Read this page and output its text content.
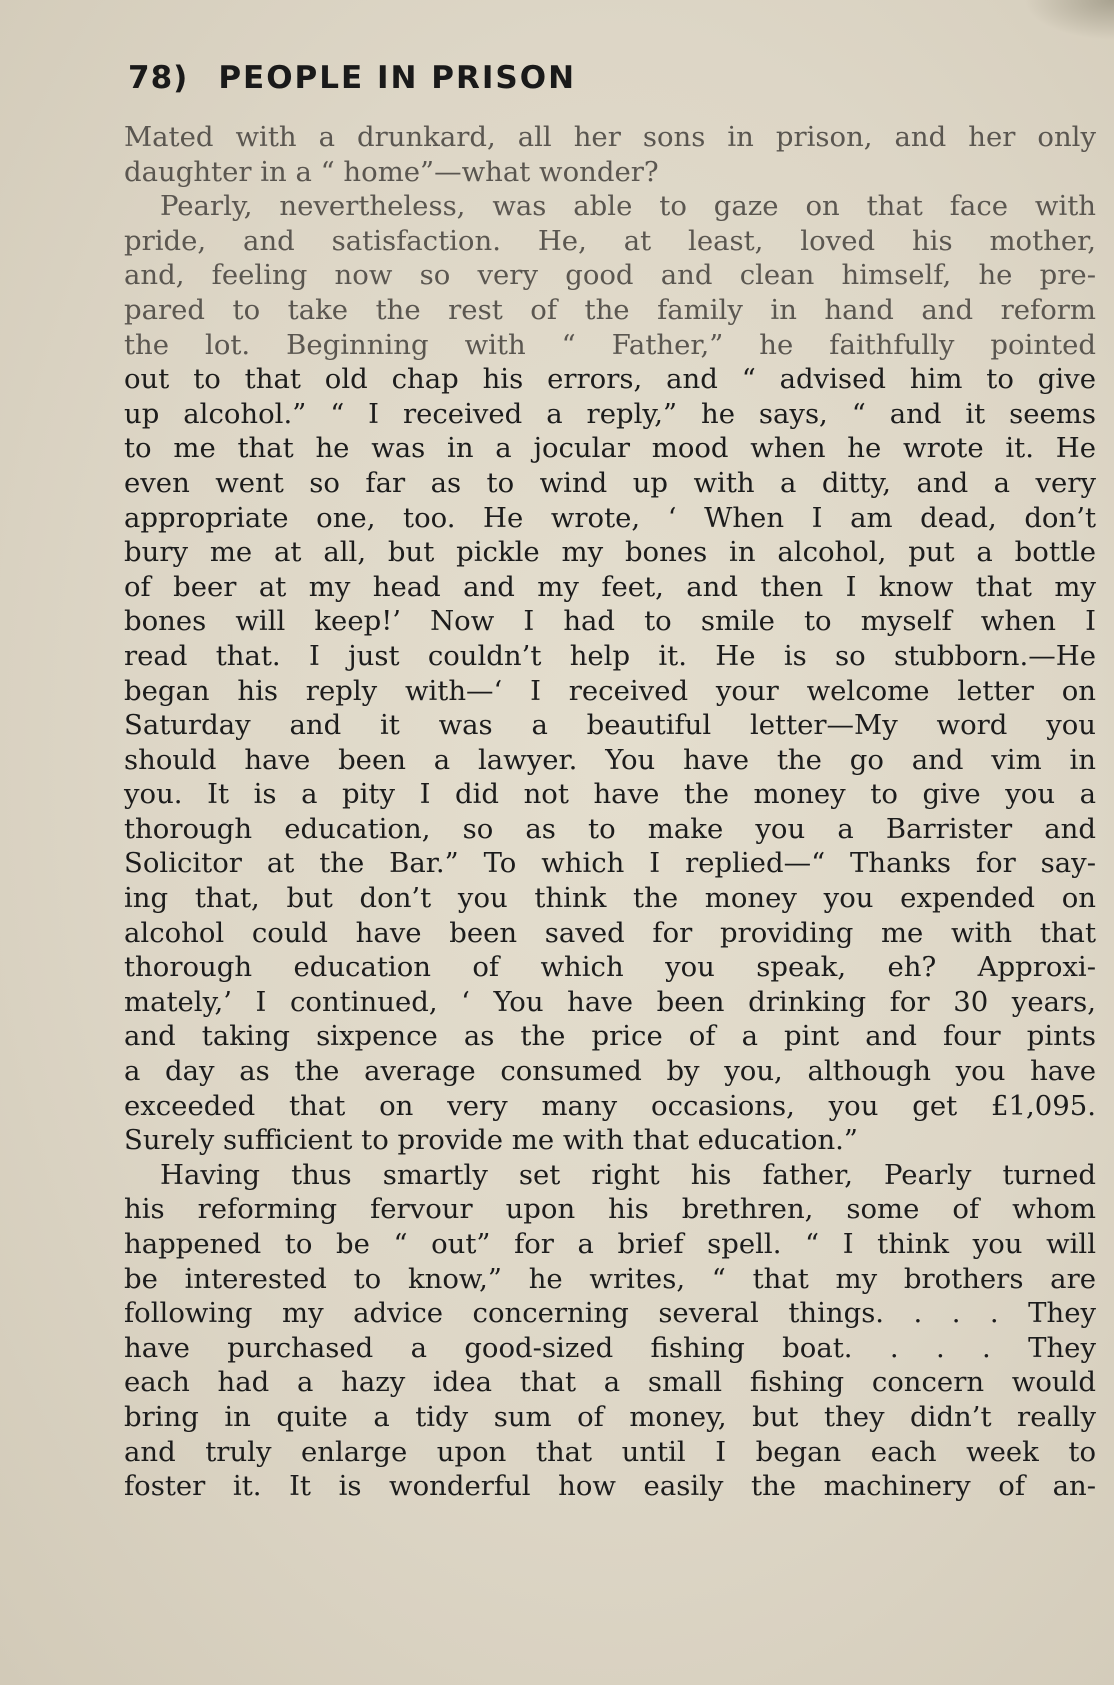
78) PEOPLE IN PRISON
Mated with a drunkard, all her sons in prison, and her only
daughter in a “ home”—what wonder?
Pearly, nevertheless, was able to gaze on that face with
pride, and satisfaction. He, at least, loved his mother,
and, feeling now so very good and clean himself, he pre-
pared to take the rest of the family in hand and reform
the lot. Beginning with “ Father,” he faithfully pointed
out to that old chap his errors, and “ advised him to give
up alcohol.” “ I received a reply,” he says, “ and it seems
to me that he was in a jocular mood when he wrote it. He
even went so far as to wind up with a ditty, and a very
appropriate one, too. He wrote, ‘ When I am dead, don’t
bury me at all, but pickle my bones in alcohol, put a bottle
of beer at my head and my feet, and then I know that my
bones will keep!’ Now I had to smile to myself when I
read that. I just couldn’t help it. He is so stubborn.—He
began his reply with—‘ I received your welcome letter on
Saturday and it was a beautiful letter—My word you
should have been a lawyer. You have the go and vim in
you. It is a pity I did not have the money to give you a
thorough education, so as to make you a Barrister and
Solicitor at the Bar.” To which I replied—“ Thanks for say-
ing that, but don’t you think the money you expended on
alcohol could have been saved for providing me with that
thorough education of which you speak, eh? Approxi-
mately,’ I continued, ‘ You have been drinking for 30 years,
and taking sixpence as the price of a pint and four pints
a day as the average consumed by you, although you have
exceeded that on very many occasions, you get £1,095.
Surely sufficient to provide me with that education.”
Having thus smartly set right his father, Pearly turned
his reforming fervour upon his brethren, some of whom
happened to be “ out” for a brief spell. “ I think you will
be interested to know,” he writes, “ that my brothers are
following my advice concerning several things. . . . They
have purchased a good-sized fishing boat. . . . They
each had a hazy idea that a small fishing concern would
bring in quite a tidy sum of money, but they didn’t really
and truly enlarge upon that until I began each week to
foster it. It is wonderful how easily the machinery of an-
